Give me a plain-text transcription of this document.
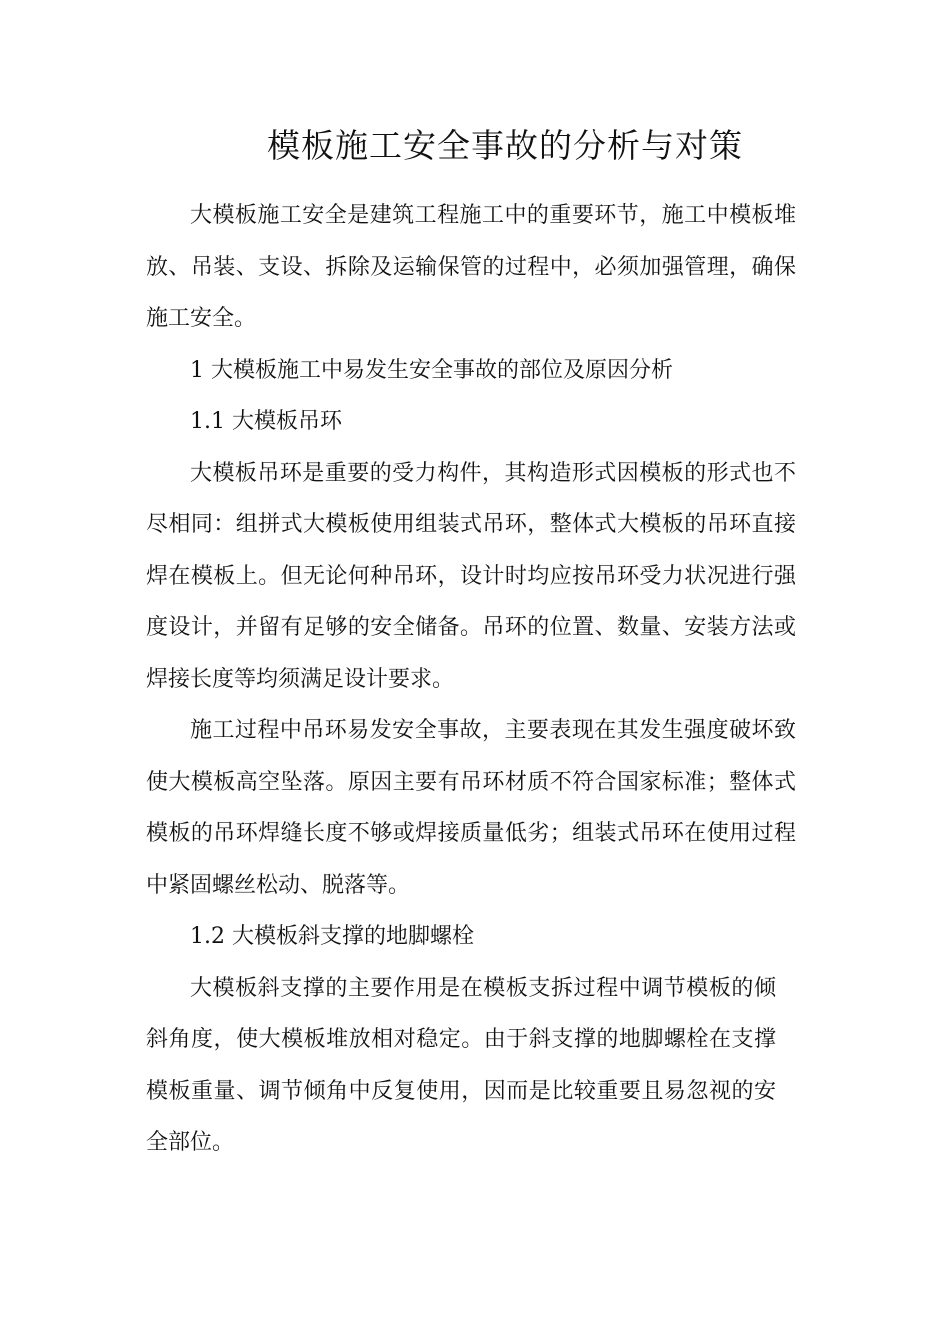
模板施工安全事故的分析与对策

大模板施工安全是建筑工程施工中的重要环节，施工中模板堆放、吊装、支设、拆除及运输保管的过程中，必须加强管理，确保施工安全。

1 大模板施工中易发生安全事故的部位及原因分析

1.1 大模板吊环

大模板吊环是重要的受力构件，其构造形式因模板的形式也不尽相同：组拼式大模板使用组装式吊环，整体式大模板的吊环直接焊在模板上。但无论何种吊环，设计时均应按吊环受力状况进行强度设计，并留有足够的安全储备。吊环的位置、数量、安装方法或焊接长度等均须满足设计要求。

施工过程中吊环易发安全事故，主要表现在其发生强度破坏致使大模板高空坠落。原因主要有吊环材质不符合国家标准；整体式模板的吊环焊缝长度不够或焊接质量低劣；组装式吊环在使用过程中紧固螺丝松动、脱落等。

1.2 大模板斜支撑的地脚螺栓

大模板斜支撑的主要作用是在模板支拆过程中调节模板的倾斜角度，使大模板堆放相对稳定。由于斜支撑的地脚螺栓在支撑模板重量、调节倾角中反复使用，因而是比较重要且易忽视的安全部位。
